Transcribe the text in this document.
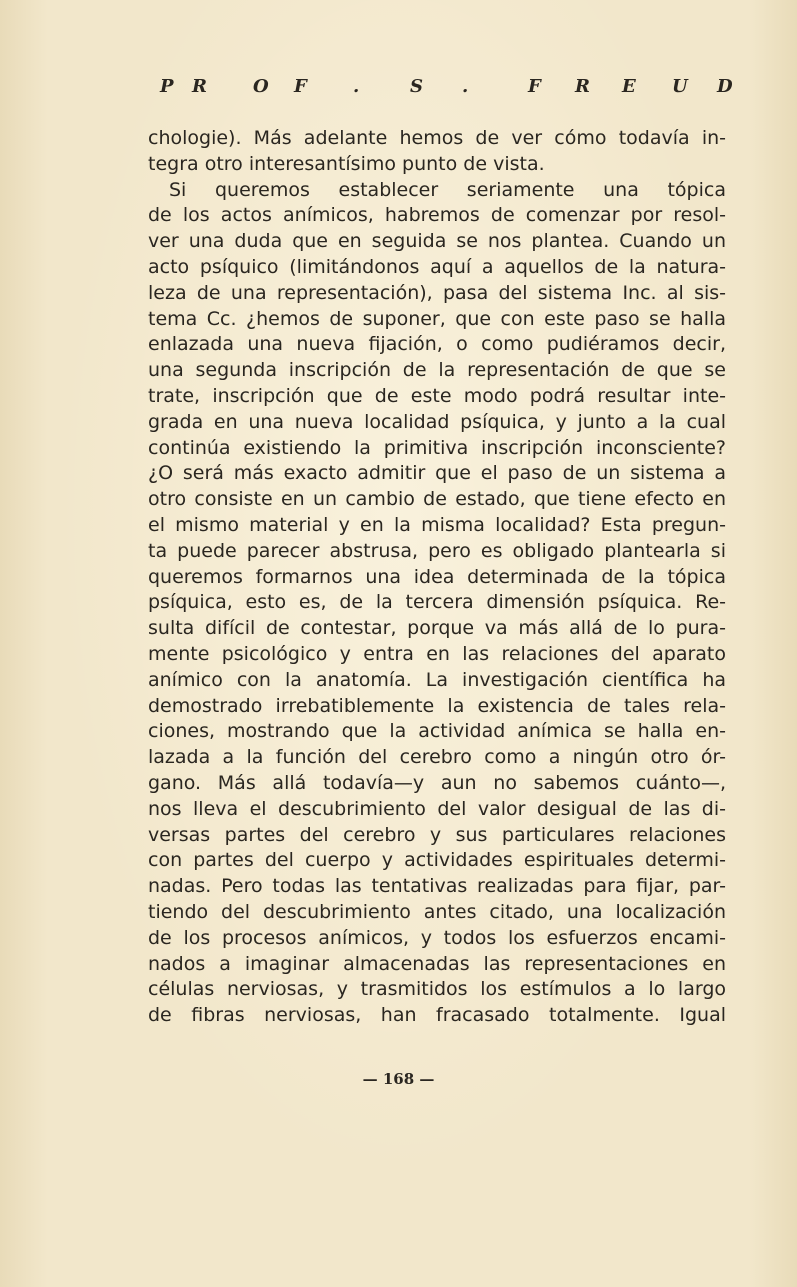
P R	O F	.	S .	F R E U D
chologie). Más adelante hemos de ver cómo todavía in-
tegra otro interesantísimo punto de vista.
Si queremos establecer seriamente una tópica
de los actos anímicos, habremos de comenzar por resol-
ver una duda que en seguida se nos plantea. Cuando un
acto psíquico (limitándonos aquí a aquellos de la natura-
leza de una representación), pasa del sistema Inc. al sis-
tema Cc. ¿hemos de suponer, que con este paso se halla
enlazada una nueva fijación, o como pudiéramos decir,
una segunda inscripción de la representación de que se
trate, inscripción que de este modo podrá resultar inte-
grada en una nueva localidad psíquica, y junto a la cual
continúa existiendo la primitiva inscripción inconsciente?
¿O será más exacto admitir que el paso de un sistema a
otro consiste en un cambio de estado, que tiene efecto en
el mismo material y en la misma localidad? Esta pregun-
ta puede parecer abstrusa, pero es obligado plantearla si
queremos formarnos una idea determinada de la tópica
psíquica, esto es, de la tercera dimensión psíquica. Re-
sulta difícil de contestar, porque va más allá de lo pura-
mente psicológico y entra en las relaciones del aparato
anímico con la anatomía. La investigación científica ha
demostrado irrebatiblemente la existencia de tales rela-
ciones, mostrando que la actividad anímica se halla en-
lazada a la función del cerebro como a ningún otro ór-
gano. Más allá todavía—y aun no sabemos cuánto—,
nos lleva el descubrimiento del valor desigual de las di-
versas partes del cerebro y sus particulares relaciones
con partes del cuerpo y actividades espirituales determi-
nadas. Pero todas las tentativas realizadas para fijar, par-
tiendo del descubrimiento antes citado, una localización
de los procesos anímicos, y todos los esfuerzos encami-
nados a imaginar almacenadas las representaciones en
células nerviosas, y trasmitidos los estímulos a lo largo
de fibras nerviosas, han fracasado totalmente. Igual
— 168 —
